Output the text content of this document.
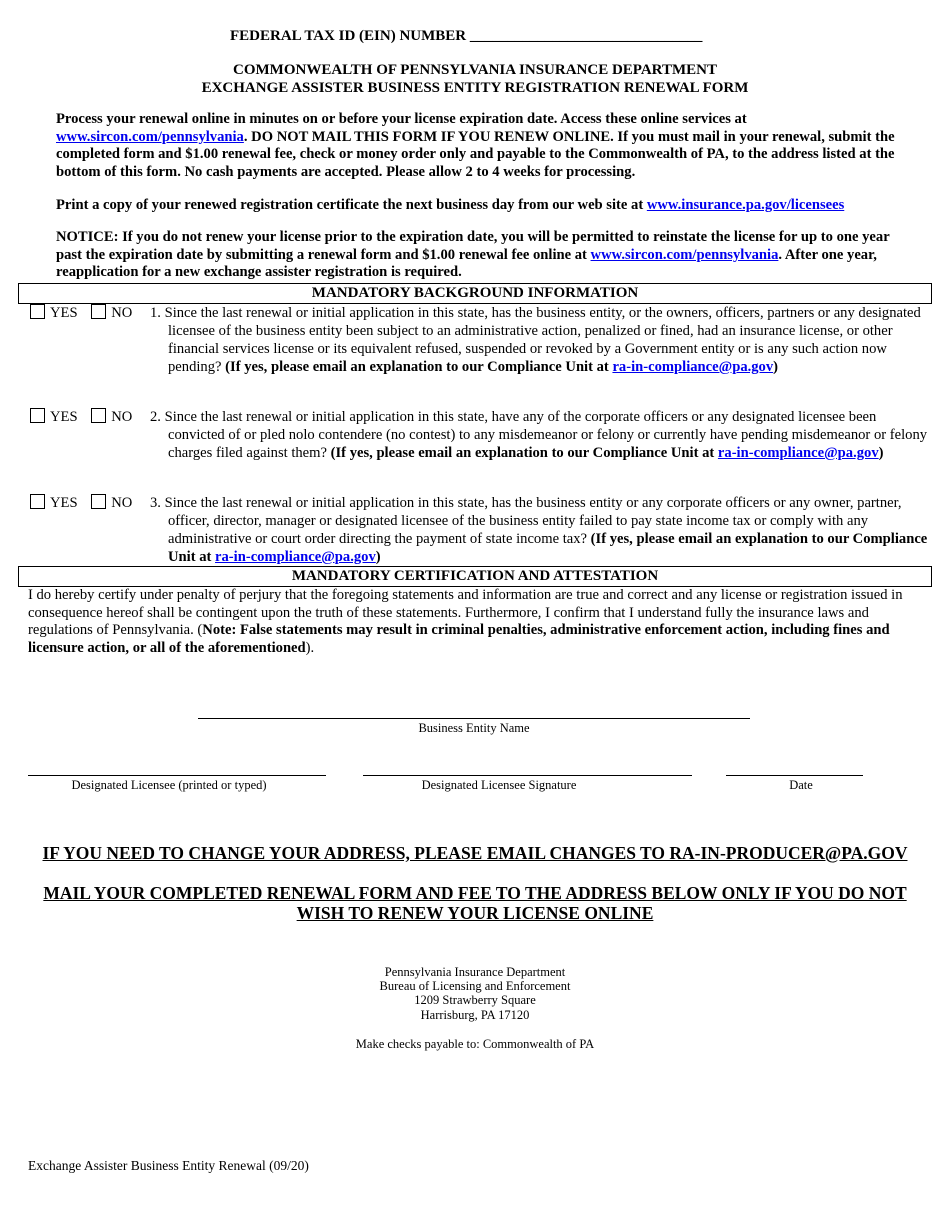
FEDERAL TAX ID (EIN) NUMBER _______________________________
COMMONWEALTH OF PENNSYLVANIA INSURANCE DEPARTMENT
EXCHANGE ASSISTER BUSINESS ENTITY REGISTRATION RENEWAL FORM
Process your renewal online in minutes on or before your license expiration date. Access these online services at www.sircon.com/pennsylvania. DO NOT MAIL THIS FORM IF YOU RENEW ONLINE. If you must mail in your renewal, submit the completed form and $1.00 renewal fee, check or money order only and payable to the Commonwealth of PA, to the address listed at the bottom of this form. No cash payments are accepted. Please allow 2 to 4 weeks for processing.
Print a copy of your renewed registration certificate the next business day from our web site at www.insurance.pa.gov/licensees
NOTICE: If you do not renew your license prior to the expiration date, you will be permitted to reinstate the license for up to one year past the expiration date by submitting a renewal form and $1.00 renewal fee online at www.sircon.com/pennsylvania. After one year, reapplication for a new exchange assister registration is required.
MANDATORY BACKGROUND INFORMATION
YES NO 1. Since the last renewal or initial application in this state, has the business entity, or the owners, officers, partners or any designated licensee of the business entity been subject to an administrative action, penalized or fined, had an insurance license, or other financial services license or its equivalent refused, suspended or revoked by a Government entity or is any such action now pending? (If yes, please email an explanation to our Compliance Unit at ra-in-compliance@pa.gov)
YES NO 2. Since the last renewal or initial application in this state, have any of the corporate officers or any designated licensee been convicted of or pled nolo contendere (no contest) to any misdemeanor or felony or currently have pending misdemeanor or felony charges filed against them? (If yes, please email an explanation to our Compliance Unit at ra-in-compliance@pa.gov)
YES NO 3. Since the last renewal or initial application in this state, has the business entity or any corporate officers or any owner, partner, officer, director, manager or designated licensee of the business entity failed to pay state income tax or comply with any administrative or court order directing the payment of state income tax? (If yes, please email an explanation to our Compliance Unit at ra-in-compliance@pa.gov)
MANDATORY CERTIFICATION AND ATTESTATION
I do hereby certify under penalty of perjury that the foregoing statements and information are true and correct and any license or registration issued in consequence hereof shall be contingent upon the truth of these statements. Furthermore, I confirm that I understand fully the insurance laws and regulations of Pennsylvania. (Note: False statements may result in criminal penalties, administrative enforcement action, including fines and licensure action, or all of the aforementioned).
Business Entity Name
Designated Licensee (printed or typed)	Designated Licensee Signature	Date
IF YOU NEED TO CHANGE YOUR ADDRESS, PLEASE EMAIL CHANGES TO RA-IN-PRODUCER@PA.GOV
MAIL YOUR COMPLETED RENEWAL FORM AND FEE TO THE ADDRESS BELOW ONLY IF YOU DO NOT
WISH TO RENEW YOUR LICENSE ONLINE
Pennsylvania Insurance Department
Bureau of Licensing and Enforcement
1209 Strawberry Square
Harrisburg, PA 17120
Make checks payable to: Commonwealth of PA
Exchange Assister Business Entity Renewal (09/20)
